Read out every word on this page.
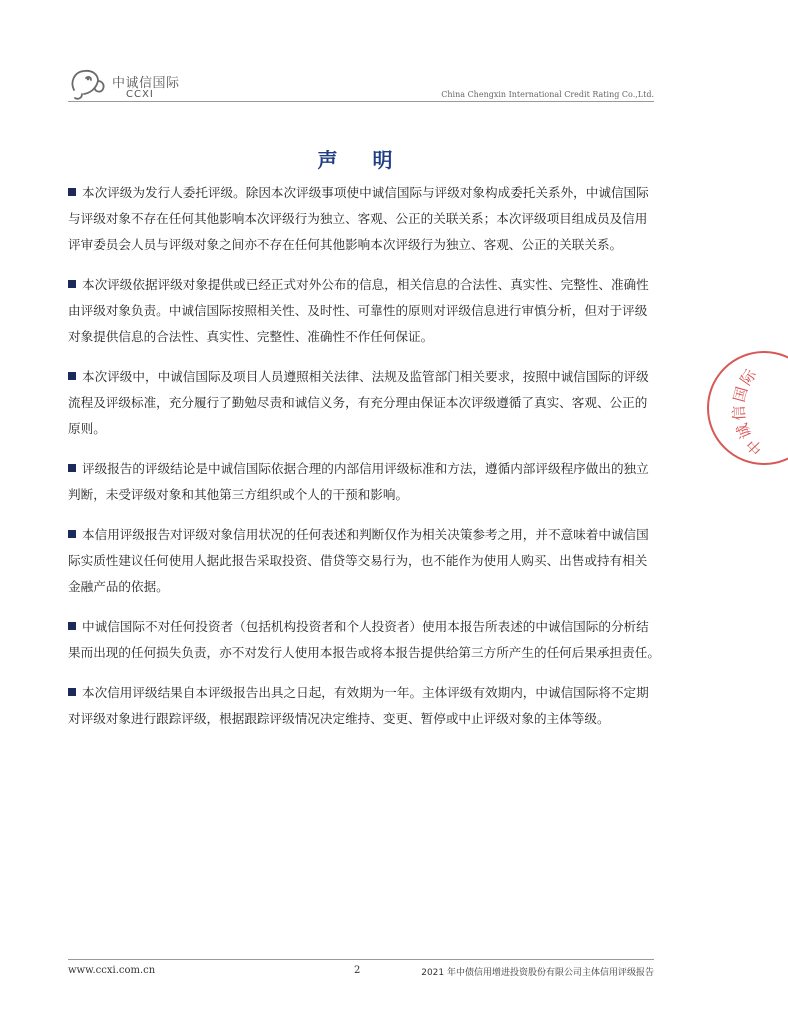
中诚信国际
CCXI	China Chengxin International Credit Rating Co.,Ltd.
声 明
本次评级为发行人委托评级。除因本次评级事项使中诚信国际与评级对象构成委托关系外，中诚信国际
与评级对象不存在任何其他影响本次评级行为独立、客观、公正的关联关系；本次评级项目组成员及信用
评审委员会人员与评级对象之间亦不存在任何其他影响本次评级行为独立、客观、公正的关联关系。
本次评级依据评级对象提供或已经正式对外公布的信息，相关信息的合法性、真实性、完整性、准确性
由评级对象负责。中诚信国际按照相关性、及时性、可靠性的原则对评级信息进行审慎分析，但对于评级
对象提供信息的合法性、真实性、完整性、准确性不作任何保证。
本次评级中，中诚信国际及项目人员遵照相关法律、法规及监管部门相关要求，按照中诚信国际的评级
流程及评级标准，充分履行了勤勉尽责和诚信义务，有充分理由保证本次评级遵循了真实、客观、公正的
原则。
评级报告的评级结论是中诚信国际依据合理的内部信用评级标准和方法，遵循内部评级程序做出的独立
判断，未受评级对象和其他第三方组织或个人的干预和影响。
本信用评级报告对评级对象信用状况的任何表述和判断仅作为相关决策参考之用，并不意味着中诚信国
际实质性建议任何使用人据此报告采取投资、借贷等交易行为，也不能作为使用人购买、出售或持有相关
金融产品的依据。
中诚信国际不对任何投资者（包括机构投资者和个人投资者）使用本报告所表述的中诚信国际的分析结
果而出现的任何损失负责，亦不对发行人使用本报告或将本报告提供给第三方所产生的任何后果承担责任。
本次信用评级结果自本评级报告出具之日起，有效期为一年。主体评级有效期内，中诚信国际将不定期
对评级对象进行跟踪评级，根据跟踪评级情况决定维持、变更、暂停或中止评级对象的主体等级。
中诚信国际
www.ccxi.com.cn	2	2021 年中债信用增进投资股份有限公司主体信用评级报告
